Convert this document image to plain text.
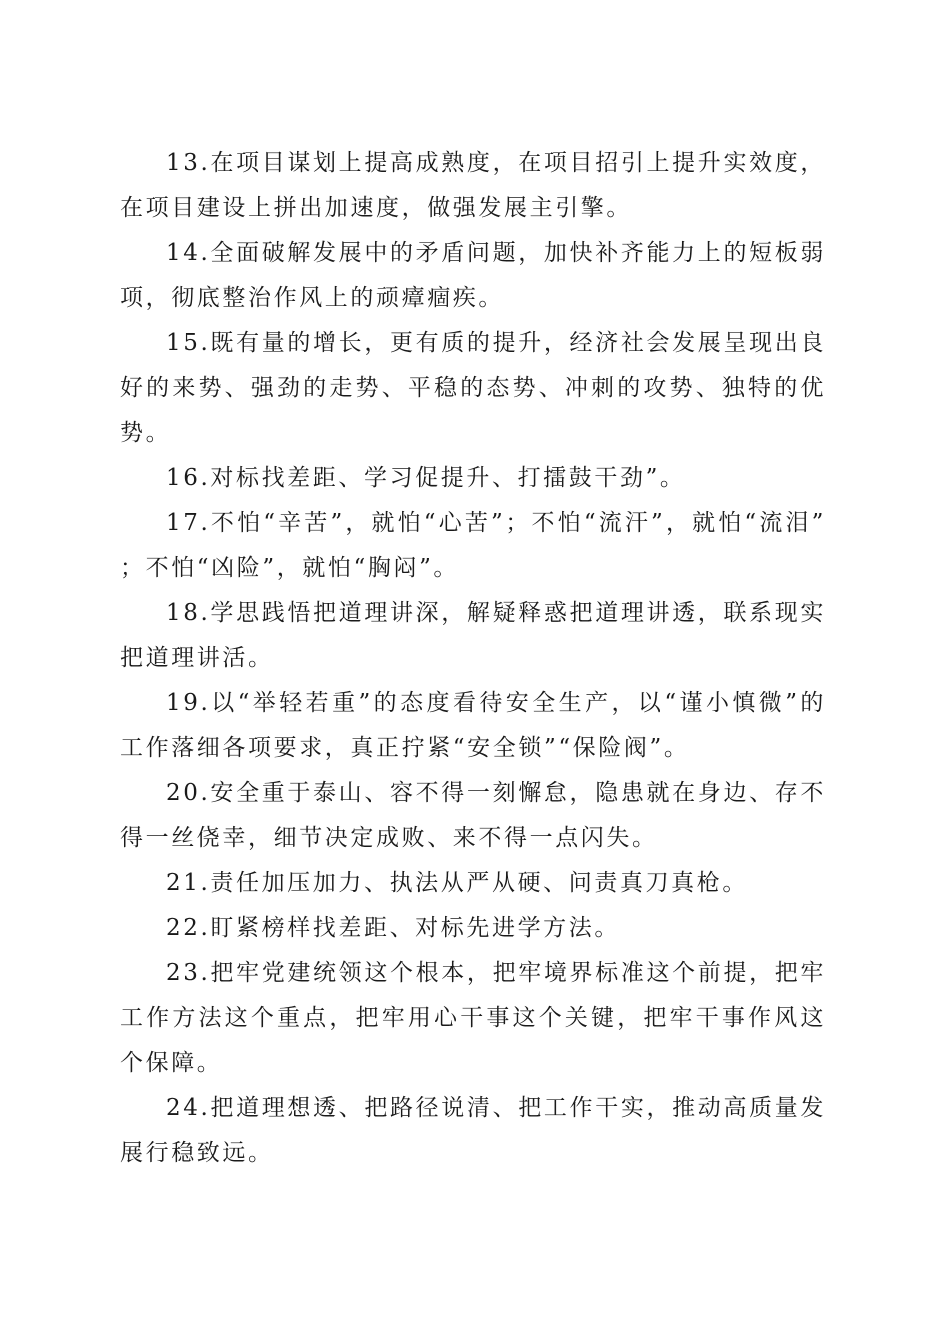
13.在项目谋划上提高成熟度，在项目招引上提升实效度，在项目建设上拼出加速度，做强发展主引擎。

14.全面破解发展中的矛盾问题，加快补齐能力上的短板弱项，彻底整治作风上的顽瘴痼疾。

15.既有量的增长，更有质的提升，经济社会发展呈现出良好的来势、强劲的走势、平稳的态势、冲刺的攻势、独特的优势。

16.对标找差距、学习促提升、打擂鼓干劲”。

17.不怕“辛苦”，就怕“心苦”；不怕“流汗”，就怕“流泪”；不怕“凶险”，就怕“胸闷”。

18.学思践悟把道理讲深，解疑释惑把道理讲透，联系现实把道理讲活。

19.以“举轻若重”的态度看待安全生产，以“谨小慎微”的工作落细各项要求，真正拧紧“安全锁”“保险阀”。

20.安全重于泰山、容不得一刻懈怠，隐患就在身边、存不得一丝侥幸，细节决定成败、来不得一点闪失。

21.责任加压加力、执法从严从硬、问责真刀真枪。

22.盯紧榜样找差距、对标先进学方法。

23.把牢党建统领这个根本，把牢境界标准这个前提，把牢工作方法这个重点，把牢用心干事这个关键，把牢干事作风这个保障。

24.把道理想透、把路径说清、把工作干实，推动高质量发展行稳致远。
